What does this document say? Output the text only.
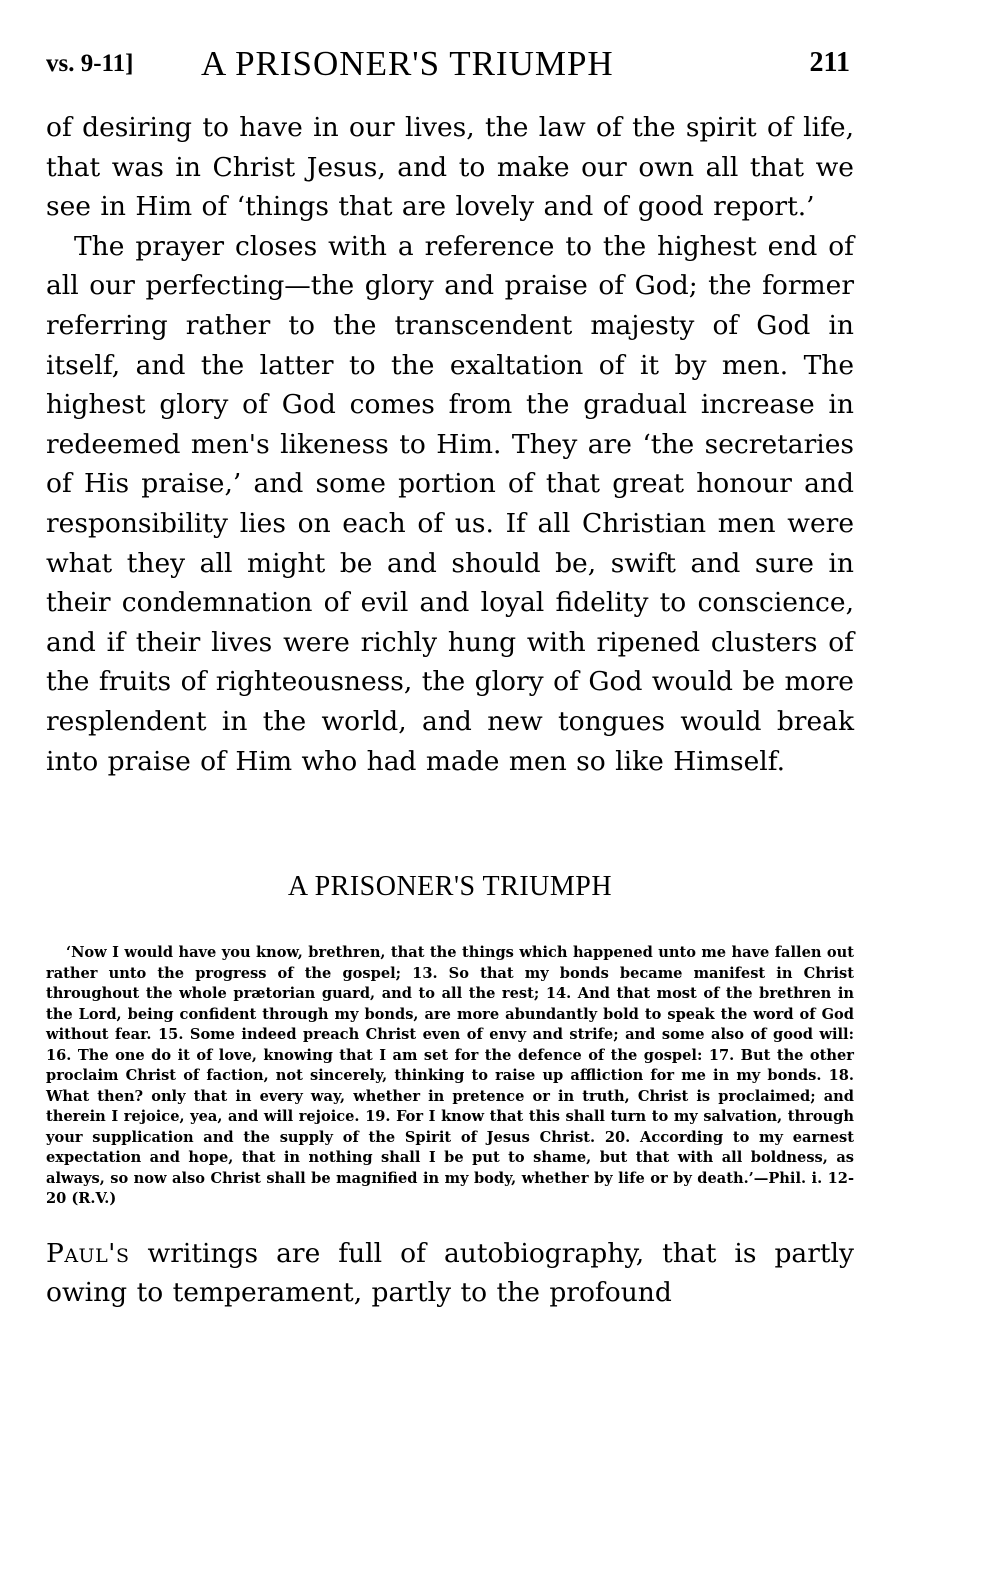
vs. 9-11] A PRISONER'S TRIUMPH	211

of desiring to have in our lives, the law of the spirit of life, that was in Christ Jesus, and to make our own all that we see in Him of ‘things that are lovely and of good report.’

The prayer closes with a reference to the highest end of all our perfecting—the glory and praise of God; the former referring rather to the transcendent majesty of God in itself, and the latter to the exaltation of it by men. The highest glory of God comes from the gradual increase in redeemed men's likeness to Him. They are ‘the secretaries of His praise,’ and some portion of that great honour and responsibility lies on each of us. If all Christian men were what they all might be and should be, swift and sure in their condemnation of evil and loyal fidelity to conscience, and if their lives were richly hung with ripened clusters of the fruits of righteousness, the glory of God would be more resplendent in the world, and new tongues would break into praise of Him who had made men so like Himself.

A PRISONER'S TRIUMPH

‘Now I would have you know, brethren, that the things which happened unto me have fallen out rather unto the progress of the gospel; 13. So that my bonds became manifest in Christ throughout the whole prætorian guard, and to all the rest; 14. And that most of the brethren in the Lord, being confident through my bonds, are more abundantly bold to speak the word of God without fear. 15. Some indeed preach Christ even of envy and strife; and some also of good will: 16. The one do it of love, knowing that I am set for the defence of the gospel: 17. But the other proclaim Christ of faction, not sincerely, thinking to raise up affliction for me in my bonds. 18. What then? only that in every way, whether in pretence or in truth, Christ is proclaimed; and therein I rejoice, yea, and will rejoice. 19. For I know that this shall turn to my salvation, through your supplication and the supply of the Spirit of Jesus Christ. 20. According to my earnest expectation and hope, that in nothing shall I be put to shame, but that with all boldness, as always, so now also Christ shall be magnified in my body, whether by life or by death.’—Phil. i. 12-20 (R.V.)

Paul's writings are full of autobiography, that is partly owing to temperament, partly to the profound
